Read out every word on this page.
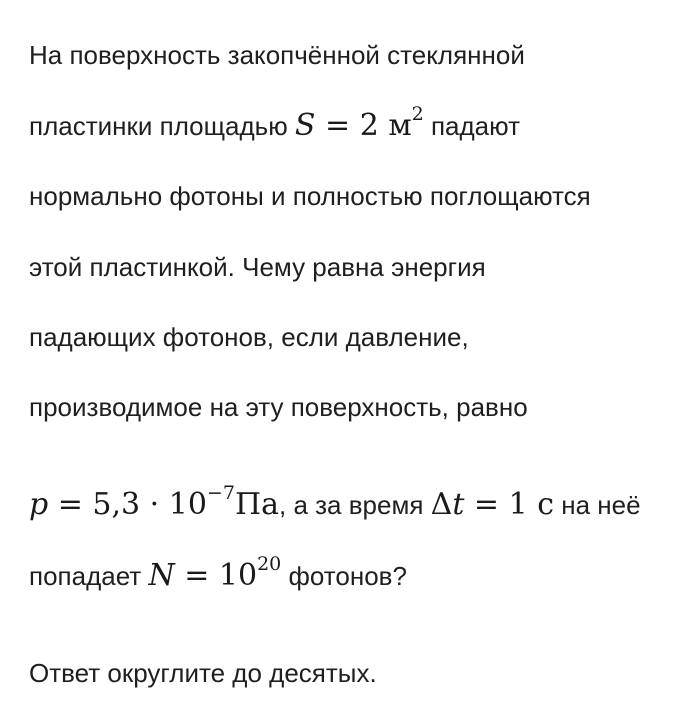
На поверхность закопчённой стеклянной
пластинки площадью S = 2 $м^2$ падают
нормально фотоны и полностью поглощаются
этой пластинкой. Чему равна энергия
падающих фотонов, если давление,
производимое на эту поверхность, равно
$p = 5,3 \cdot 10^{-7}Па$, а за время Δt = 1 с на неё
попадает $N = 10^{20}$ фотонов?
Ответ округлите до десятых.
